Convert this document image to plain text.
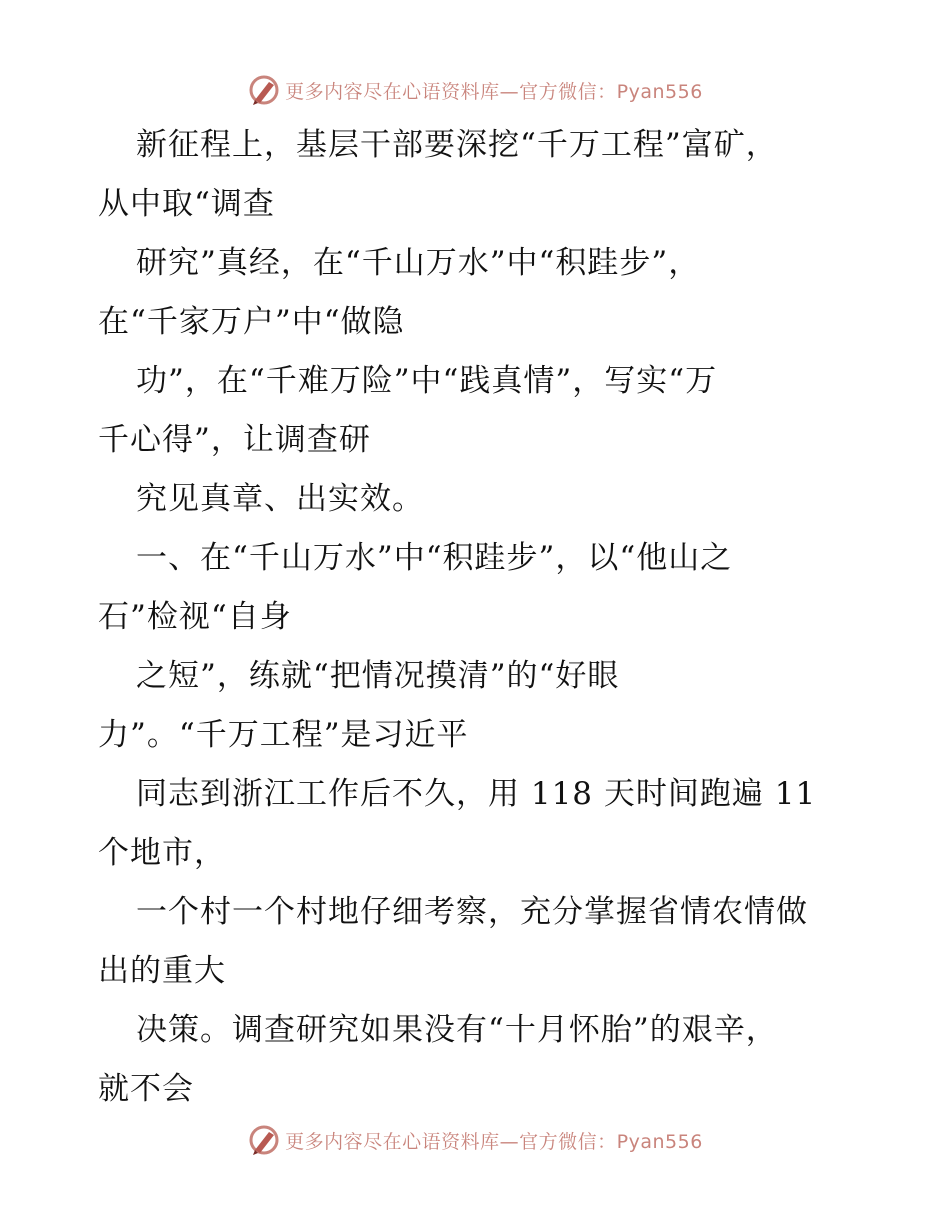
更多内容尽在心语资料库—官方微信：Pyan556
新征程上，基层干部要深挖“千万工程”富矿，
从中取“调查
研究”真经，在“千山万水”中“积跬步”，
在“千家万户”中“做隐
功”，在“千难万险”中“践真情”，写实“万
千心得”，让调查研
究见真章、出实效。
一、在“千山万水”中“积跬步”，以“他山之
石”检视“自身
之短”，练就“把情况摸清”的“好眼
力”。“千万工程”是习近平
同志到浙江工作后不久，用 118 天时间跑遍 11
个地市，
一个村一个村地仔细考察，充分掌握省情农情做
出的重大
决策。调查研究如果没有“十月怀胎”的艰辛，
就不会
更多内容尽在心语资料库—官方微信：Pyan556
